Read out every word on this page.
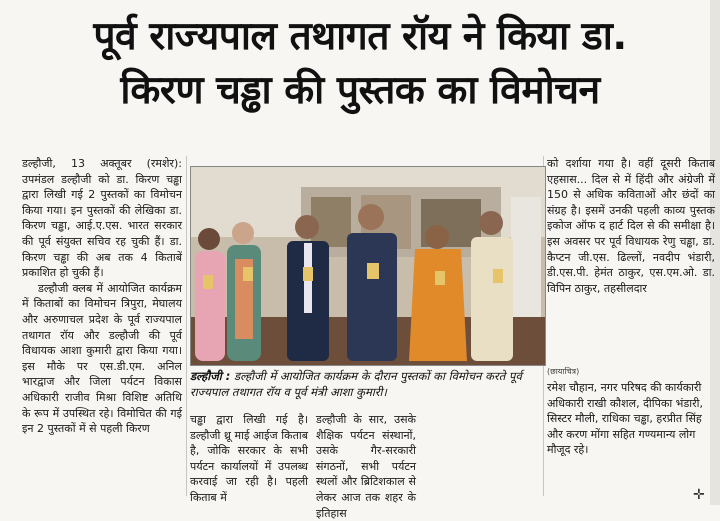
पूर्व राज्यपाल तथागत रॉय ने किया डा.
किरण चड्ढा की पुस्तक का विमोचन

डल्हौजी, 13 अक्तूबर (रमशेर): उपमंडल डल्हौजी को डा. किरण चड्ढा द्वारा लिखी गई 2 पुस्तकों का विमोचन किया गया। इन पुस्तकों की लेखिका डा. किरण चड्ढा, आई.ए.एस. भारत सरकार की पूर्व संयुक्त सचिव रह चुकी हैं। डा. किरण चड्ढा की अब तक 4 किताबें प्रकाशित हो चुकी हैं।

डल्हौजी क्लब में आयोजित कार्यक्रम में किताबों का विमोचन त्रिपुरा, मेघालय और अरुणाचल प्रदेश के पूर्व राज्यपाल तथागत रॉय और डल्हौजी की पूर्व विधायक आशा कुमारी द्वारा किया गया। इस मौके पर एस.डी.एम. अनिल भारद्वाज और जिला पर्यटन विकास अधिकारी राजीव मिश्रा विशिष्ट अतिथि के रूप में उपस्थित रहे। विमोचित की गई इन 2 पुस्तकों में से पहली किरण

डल्हौजी : डल्हौजी में आयोजित कार्यक्रम के दौरान पुस्तकों का विमोचन करते पूर्व राज्यपाल तथागत रॉय व पूर्व मंत्री आशा कुमारी।

चड्ढा द्वारा लिखी गई है। डल्हौजी थ्रू माई आईज किताब है, जोकि सरकार के सभी पर्यटन कार्यालयों में उपलब्ध करवाई जा रही है। पहली किताब में

डल्हौजी के सार, उसके शैक्षिक पर्यटन संस्थानों, उसके गैर-सरकारी संगठनों, सभी पर्यटन स्थलों और ब्रिटिशकाल से लेकर आज तक शहर के इतिहास

को दर्शाया गया है। वहीं दूसरी किताब एहसास... दिल से में हिंदी और अंग्रेजी में 150 से अधिक कविताओं और छंदों का संग्रह है। इसमें उनकी पहली काव्य पुस्तक इकोज ऑफ द हार्ट दिल से की समीक्षा है। इस अवसर पर पूर्व विधायक रेणु चड्ढा, डा. कैप्टन जी.एस. ढिल्लों, नवदीप भंडारी, डी.एस.पी. हेमंत ठाकुर, एस.एम.ओ. डा. विपिन ठाकुर, तहसीलदार

(छायाचित्र)
रमेश चौहान, नगर परिषद की कार्यकारी अधिकारी राखी कौशल, दीपिका भंडारी, सिस्टर मौली, राधिका चड्ढा, हरप्रीत सिंह और करण मोंगा सहित गण्यमान्य लोग मौजूद रहे।
✛
